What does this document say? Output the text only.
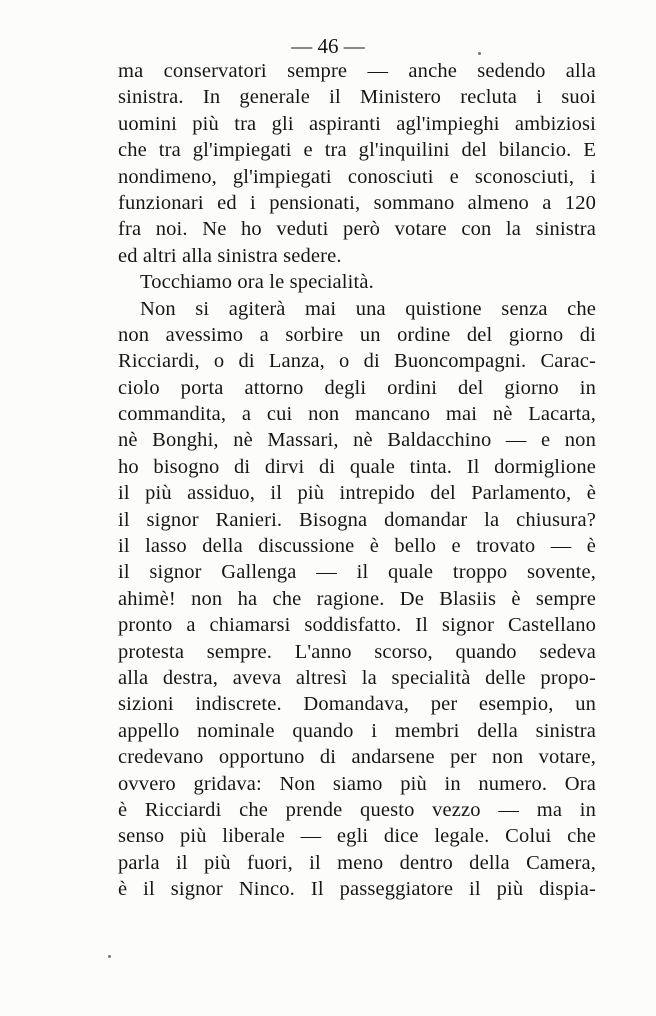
— 46 —
ma conservatori sempre — anche sedendo alla
sinistra. In generale il Ministero recluta i suoi
uomini più tra gli aspiranti agl'impieghi ambiziosi
che tra gl'impiegati e tra gl'inquilini del bilancio. E
nondimeno, gl'impiegati conosciuti e sconosciuti, i
funzionari ed i pensionati, sommano almeno a 120
fra noi. Ne ho veduti però votare con la sinistra
ed altri alla sinistra sedere.
Tocchiamo ora le specialità.
Non si agiterà mai una quistione senza che
non avessimo a sorbire un ordine del giorno di
Ricciardi, o di Lanza, o di Buoncompagni. Carac-
ciolo porta attorno degli ordini del giorno in
commandita, a cui non mancano mai nè Lacarta,
nè Bonghi, nè Massari, nè Baldacchino — e non
ho bisogno di dirvi di quale tinta. Il dormiglione
il più assiduo, il più intrepido del Parlamento, è
il signor Ranieri. Bisogna domandar la chiusura?
il lasso della discussione è bello e trovato — è
il signor Gallenga — il quale troppo sovente,
ahimè! non ha che ragione. De Blasiis è sempre
pronto a chiamarsi soddisfatto. Il signor Castellano
protesta sempre. L'anno scorso, quando sedeva
alla destra, aveva altresì la specialità delle propo-
sizioni indiscrete. Domandava, per esempio, un
appello nominale quando i membri della sinistra
credevano opportuno di andarsene per non votare,
ovvero gridava: Non siamo più in numero. Ora
è Ricciardi che prende questo vezzo — ma in
senso più liberale — egli dice legale. Colui che
parla il più fuori, il meno dentro della Camera,
è il signor Ninco. Il passeggiatore il più dispia-
